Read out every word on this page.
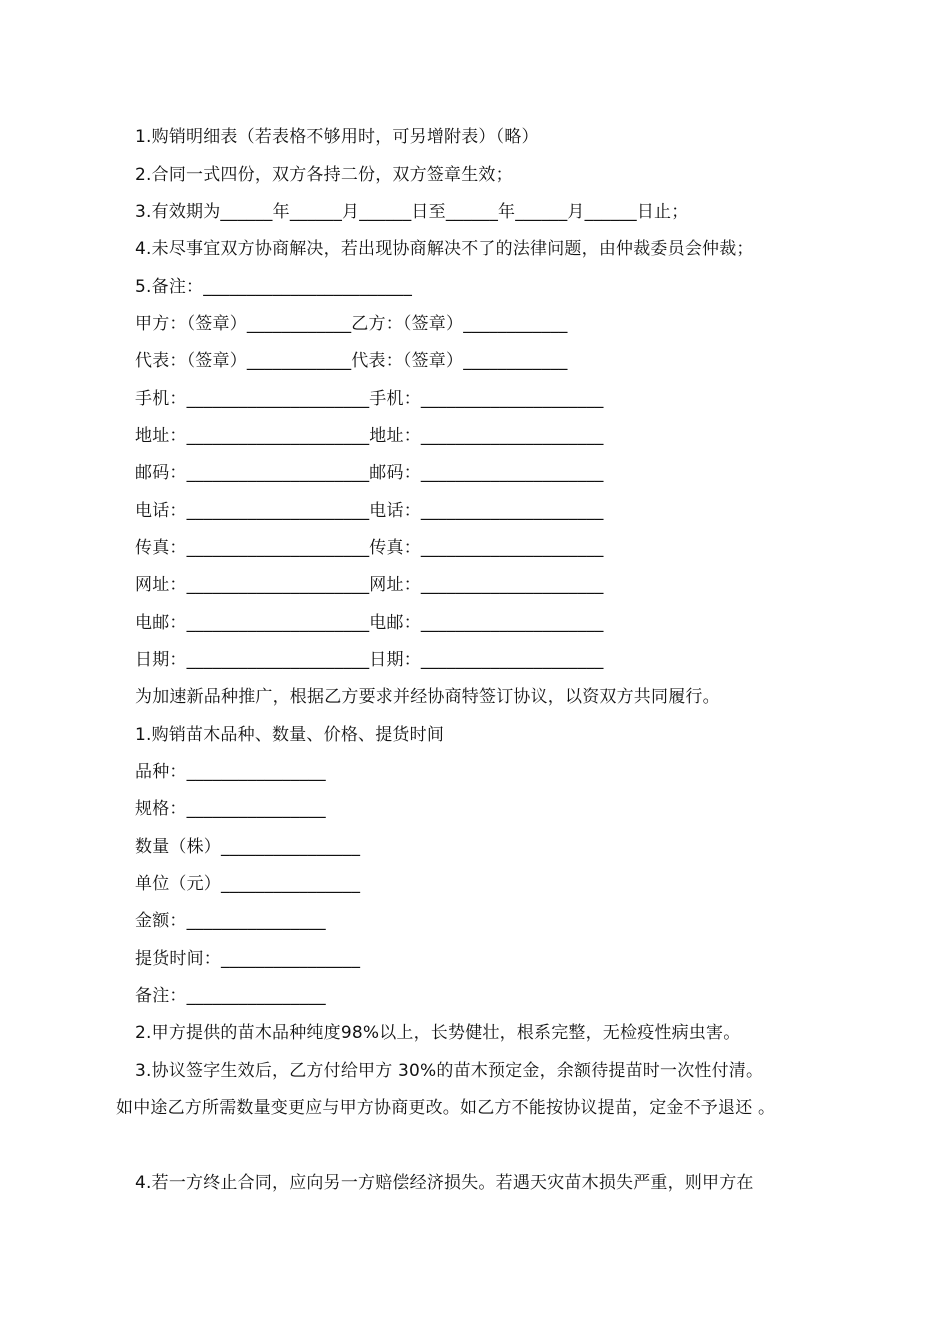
1.购销明细表（若表格不够用时，可另增附表）（略）
2.合同一式四份，双方各持二份，双方签章生效；
3.有效期为______年______月______日至______年______月______日止；
4.未尽事宜双方协商解决，若出现协商解决不了的法律问题，由仲裁委员会仲裁；
5.备注：________________________
甲方：（签章）____________乙方：（签章）____________
代表：（签章）____________代表：（签章）____________
手机：_____________________手机：_____________________
地址：_____________________地址：_____________________
邮码：_____________________邮码：_____________________
电话：_____________________电话：_____________________
传真：_____________________传真：_____________________
网址：_____________________网址：_____________________
电邮：_____________________电邮：_____________________
日期：_____________________日期：_____________________
为加速新品种推广，根据乙方要求并经协商特签订协议，以资双方共同履行。
1.购销苗木品种、数量、价格、提货时间
品种：________________
规格：________________
数量（株）________________
单位（元）________________
金额：________________
提货时间：________________
备注：________________
2.甲方提供的苗木品种纯度98%以上，长势健壮，根系完整，无检疫性病虫害。
3.协议签字生效后，乙方付给甲方 30%的苗木预定金，余额待提苗时一次性付清。
如中途乙方所需数量变更应与甲方协商更改。如乙方不能按协议提苗，定金不予退还 。
4.若一方终止合同，应向另一方赔偿经济损失。若遇天灾苗木损失严重，则甲方在
